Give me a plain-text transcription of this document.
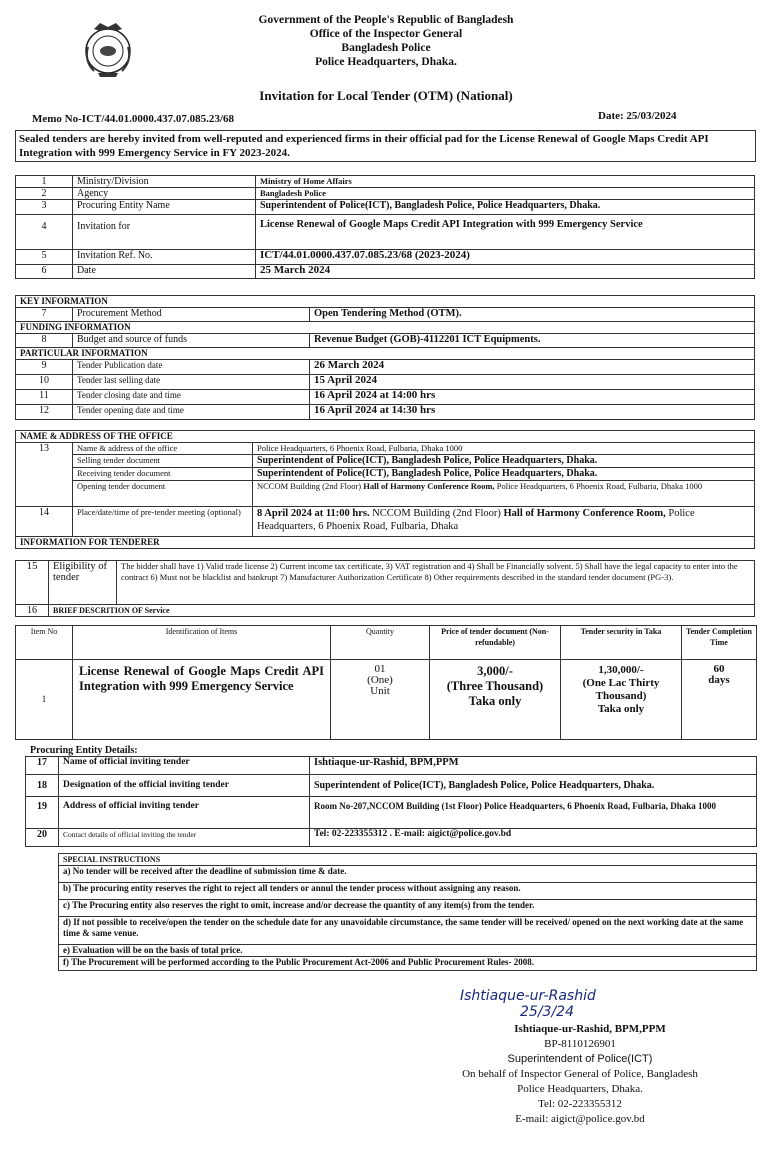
Government of the People's Republic of Bangladesh
Office of the Inspector General
Bangladesh Police
Police Headquarters, Dhaka.
Invitation for Local Tender (OTM) (National)
Memo No-ICT/44.01.0000.437.07.085.23/68	Date: 25/03/2024
Sealed tenders are hereby invited from well-reputed and experienced firms in their official pad for the License Renewal of Google Maps Credit API Integration with 999 Emergency Service in FY 2023-2024.
1	Ministry/Division	Ministry of Home Affairs
2	Agency	Bangladesh Police
3	Procuring Entity Name	Superintendent of Police(ICT), Bangladesh Police, Police Headquarters, Dhaka.
4	Invitation for	License Renewal of Google Maps Credit API Integration with 999 Emergency Service
5	Invitation Ref. No.	ICT/44.01.0000.437.07.085.23/68 (2023-2024)
6	Date	25 March 2024
KEY INFORMATION		
7	Procurement Method	Open Tendering Method (OTM).
FUNDING INFORMATION		
8	Budget and source of funds	Revenue Budget (GOB)-4112201 ICT Equipments.
PARTICULAR INFORMATION		
9	Tender Publication date	26 March 2024
10	Tender last selling date	15 April 2024
11	Tender closing date and time	16 April 2024 at 14:00 hrs
12	Tender opening date and time	16 April 2024 at 14:30 hrs
NAME & ADDRESS OF THE OFFICE		
13	Name & address of the office	Police Headquarters, 6 Phoenix Road, Fulbaria, Dhaka 1000
	Selling tender document	Superintendent of Police(ICT), Bangladesh Police, Police Headquarters, Dhaka.
	Receiving tender document	Superintendent of Police(ICT), Bangladesh Police, Police Headquarters, Dhaka.
	Opening tender document	NCCOM Building (2nd Floor) Hall of Harmony Conference Room, Police Headquarters, 6 Phoenix Road, Fulbaria, Dhaka 1000
14	Place/date/time of pre-tender meeting (optional)	8 April 2024 at 11:00 hrs. NCCOM Building (2nd Floor) Hall of Harmony Conference Room, Police Headquarters, 6 Phoenix Road, Fulbaria, Dhaka
INFORMATION FOR TENDERER		
15	Eligibility of tender	The bidder shall have 1) Valid trade license 2) Current income tax certificate, 3) VAT registration and 4) Shall be Financially solvent. 5) Shall have the legal capacity to enter into the contract 6) Must not be blacklist and bankrupt 7) Manufacturer Authorization Certificate 8) Other requirements described in the standard tender document (PG-3).
16	BRIEF DESCRITION OF Service	
Item No	Identification of Items	Quantity	Price of tender document (Non-refundable)	Tender security in Taka	Tender Completion Time
1	License Renewal of Google Maps Credit API Integration with 999 Emergency Service	01
(One)
Unit	3,000/-
(Three Thousand)
Taka only	1,30,000/-
(One Lac Thirty
Thousand)
Taka only	60
days
Procuring Entity Details:
17	Name of official inviting tender	Ishtiaque-ur-Rashid, BPM,PPM
18	Designation of the official inviting tender	Superintendent of Police(ICT), Bangladesh Police, Police Headquarters, Dhaka.
19	Address of official inviting tender	Room No-207,NCCOM Building (1st Floor) Police Headquarters, 6 Phoenix Road, Fulbaria, Dhaka 1000
20	Contact details of official inviting the tender	Tel: 02-223355312 . E-mail: aigict@police.gov.bd
SPECIAL INSTRUCTIONS
a) No tender will be received after the deadline of submission time & date.
b) The procuring entity reserves the right to reject all tenders or annul the tender process without assigning any reason.
c) The Procuring entity also reserves the right to omit, increase and/or decrease the quantity of any item(s) from the tender.
d) If not possible to receive/open the tender on the schedule date for any unavoidable circumstance, the same tender will be received/ opened on the next working date at the same time & same venue.
e) Evaluation will be on the basis of total price.
f) The Procurement will be performed according to the Public Procurement Act-2006 and Public Procurement Rules- 2008.
Ishtiaque-ur-Rashid
25/3/24
Ishtiaque-ur-Rashid, BPM,PPM
BP-8110126901
Superintendent of Police(ICT)
On behalf of Inspector General of Police, Bangladesh
Police Headquarters, Dhaka.
Tel: 02-223355312
E-mail: aigict@police.gov.bd
